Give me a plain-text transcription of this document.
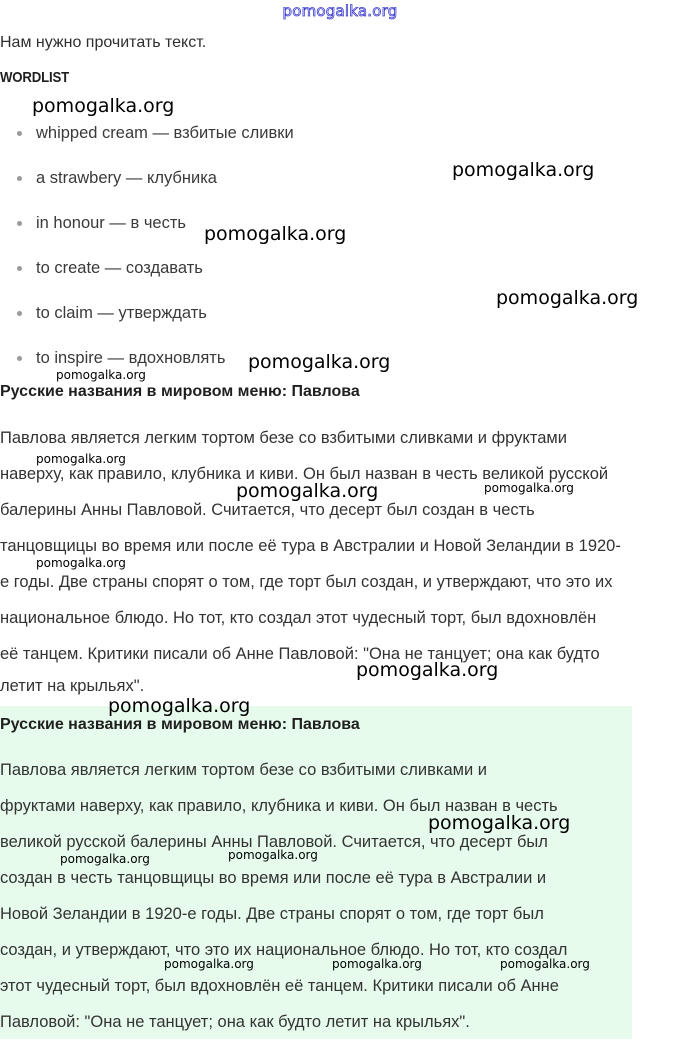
pomogalka.org
Нам нужно прочитать текст.
WORDLIST
whipped cream — взбитые сливки
a strawbery — клубника
in honour — в честь
to create — создавать
to claim — утверждать
to inspire — вдохновлять
Русские названия в мировом меню: Павлова
Павлова является легким тортом безе со взбитыми сливками и фруктами
наверху, как правило, клубника и киви. Он был назван в честь великой русской
балерины Анны Павловой. Считается, что десерт был создан в честь
танцовщицы во время или после её тура в Австралии и Новой Зеландии в 1920-
е годы. Две страны спорят о том, где торт был создан, и утверждают, что это их
национальное блюдо. Но тот, кто создал этот чудесный торт, был вдохновлён
её танцем. Критики писали об Анне Павловой: "Она не танцует; она как будто
летит на крыльях".
Русские названия в мировом меню: Павлова
Павлова является легким тортом безе со взбитыми сливками и
фруктами наверху, как правило, клубника и киви. Он был назван в честь
великой русской балерины Анны Павловой. Считается, что десерт был
создан в честь танцовщицы во время или после её тура в Австралии и
Новой Зеландии в 1920-е годы. Две страны спорят о том, где торт был
создан, и утверждают, что это их национальное блюдо. Но тот, кто создал
этот чудесный торт, был вдохновлён её танцем. Критики писали об Анне
Павловой: "Она не танцует; она как будто летит на крыльях".
pomogalka.org
pomogalka.org
pomogalka.org
pomogalka.org
pomogalka.org
pomogalka.org
pomogalka.org
pomogalka.org	pomogalka.org
pomogalka.org
pomogalka.org
pomogalka.org
pomogalka.org
pomogalka.org	pomogalka.org
pomogalka.org	pomogalka.org	pomogalka.org
